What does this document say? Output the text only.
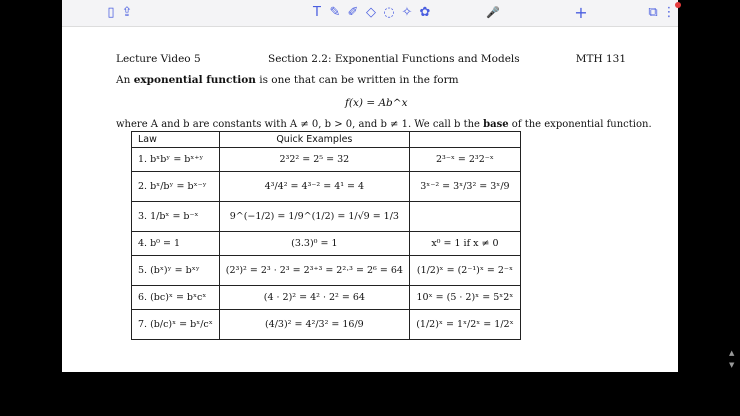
▯ ⇪	T ✎ ✐ ◇ ◌ ✧ ✿	🎤	+	⧉ ⋮
Lecture Video 5	Section 2.2: Exponential Functions and Models	MTH 131
An exponential function is one that can be written in the form
f(x) = Ab^x
where A and b are constants with A ≠ 0, b > 0, and b ≠ 1. We call b the base of the exponential function.
Law	Quick Examples	
1. bˣbʸ = bˣ⁺ʸ	2³2² = 2⁵ = 32	2³⁻ˣ = 2³2⁻ˣ
2. bˣ/bʸ = bˣ⁻ʸ	4³/4² = 4³⁻² = 4¹ = 4	3ˣ⁻² = 3ˣ/3² = 3ˣ/9
3. 1/bˣ = b⁻ˣ	9^(−1/2) = 1/9^(1/2) = 1/√9 = 1/3	
4. b⁰ = 1	(3.3)⁰ = 1	x⁰ = 1 if x ≠ 0
5. (bˣ)ʸ = bˣʸ	(2³)² = 2³ · 2³ = 2³⁺³ = 2²·³ = 2⁶ = 64	(1/2)ˣ = (2⁻¹)ˣ = 2⁻ˣ
6. (bc)ˣ = bˣcˣ	(4 · 2)² = 4² · 2² = 64	10ˣ = (5 · 2)ˣ = 5ˣ2ˣ
7. (b/c)ˣ = bˣ/cˣ	(4/3)² = 4²/3² = 16/9	(1/2)ˣ = 1ˣ/2ˣ = 1/2ˣ
▲
▼
